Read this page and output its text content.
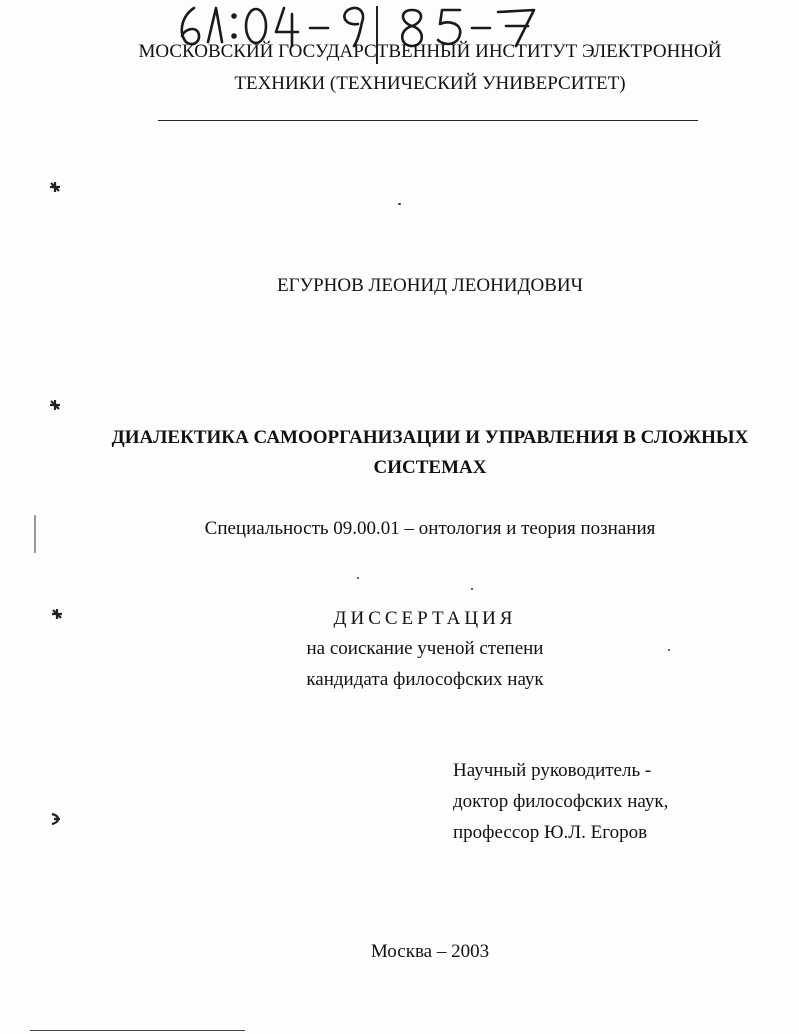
МОСКОВСКИЙ ГОСУДАРСТВЕННЫЙ ИНСТИТУТ ЭЛЕКТРОННОЙ
ТЕХНИКИ (ТЕХНИЧЕСКИЙ УНИВЕРСИТЕТ)
ЕГУРНОВ ЛЕОНИД ЛЕОНИДОВИЧ
ДИАЛЕКТИКА САМООРГАНИЗАЦИИ И УПРАВЛЕНИЯ В СЛОЖНЫХ
СИСТЕМАХ
Специальность 09.00.01 – онтология и теория познания
ДИССЕРТАЦИЯ
на соискание ученой степени
кандидата философских наук
Научный руководитель -
доктор философских наук,
профессор Ю.Л. Егоров
Москва – 2003
